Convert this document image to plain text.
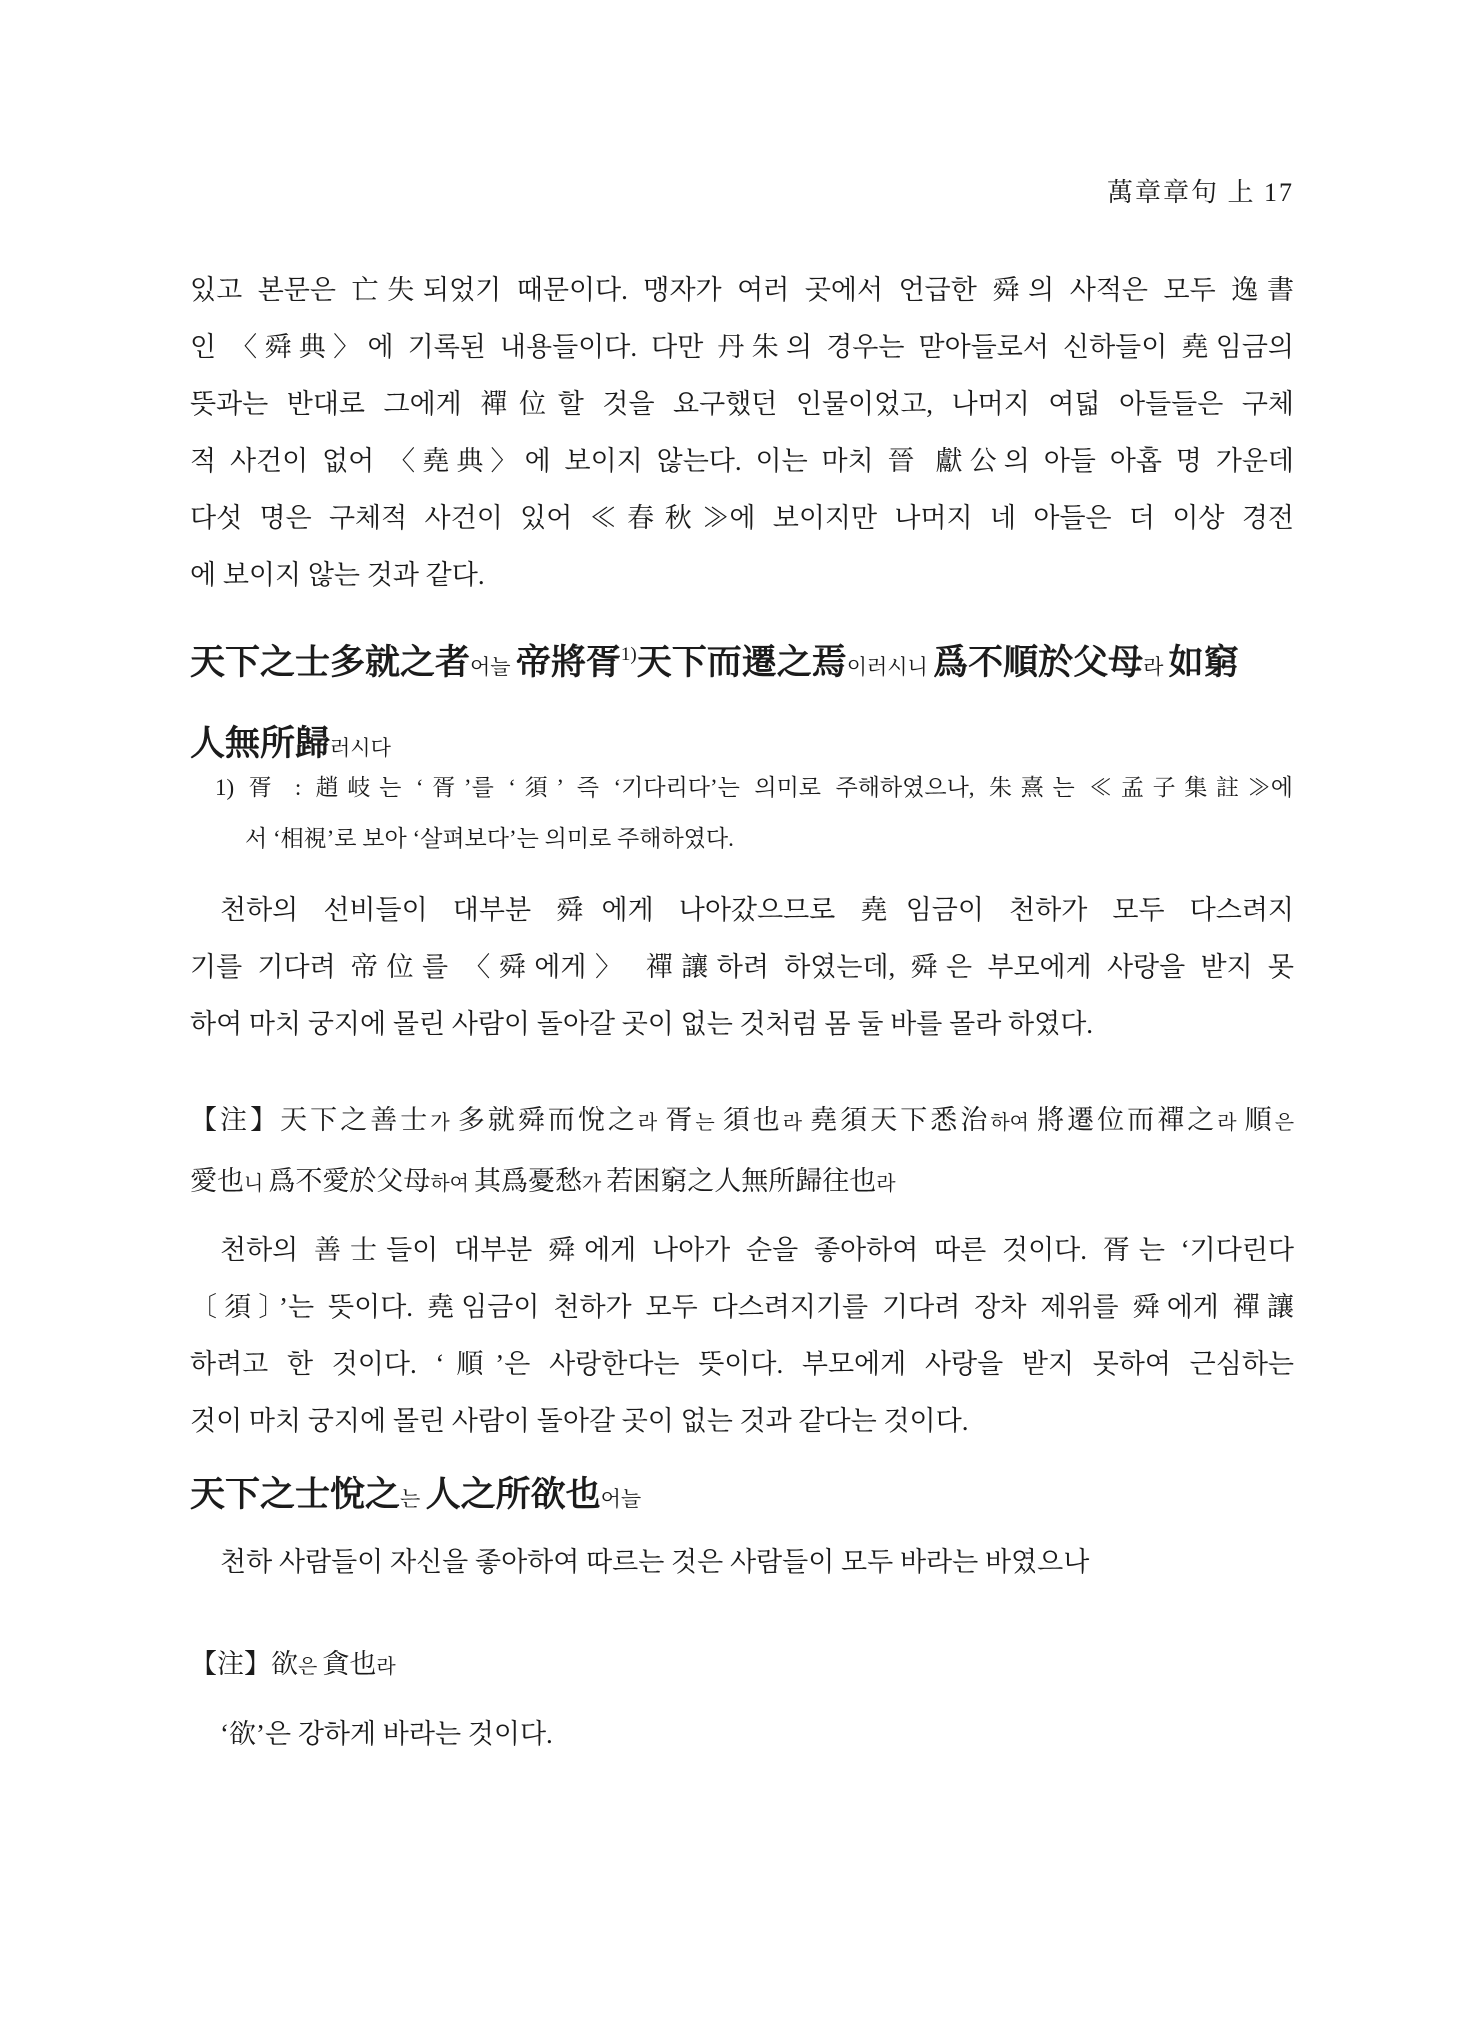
萬章章句 上 17
있고 본문은 亡失되었기 때문이다. 맹자가 여러 곳에서 언급한 舜의 사적은 모두 逸書
인 〈舜典〉에 기록된 내용들이다. 다만 丹朱의 경우는 맏아들로서 신하들이 堯임금의
뜻과는 반대로 그에게 禪位할 것을 요구했던 인물이었고, 나머지 여덟 아들들은 구체
적 사건이 없어 〈堯典〉에 보이지 않는다. 이는 마치 晉 獻公의 아들 아홉 명 가운데
다섯 명은 구체적 사건이 있어 ≪春秋≫에 보이지만 나머지 네 아들은 더 이상 경전
에 보이지 않는 것과 같다.
天下之士多就之者어늘 帝將胥1)天下而遷之焉이러시니 爲不順於父母라 如窮
人無所歸러시다
1) 胥 : 趙岐는 ‘胥’를 ‘須’ 즉 ‘기다리다’는 의미로 주해하였으나, 朱熹는 ≪孟子集註≫에
서 ‘相視’로 보아 ‘살펴보다’는 의미로 주해하였다.
천하의 선비들이 대부분 舜에게 나아갔으므로 堯임금이 천하가 모두 다스려지
기를 기다려 帝位를 〈舜에게〉 禪讓하려 하였는데, 舜은 부모에게 사랑을 받지 못
하여 마치 궁지에 몰린 사람이 돌아갈 곳이 없는 것처럼 몸 둘 바를 몰라 하였다.
【注】天下之善士가 多就舜而悅之라 胥는 須也라 堯須天下悉治하여 將遷位而禪之라 順은
愛也니 爲不愛於父母하여 其爲憂愁가 若困窮之人無所歸往也라
천하의 善士들이 대부분 舜에게 나아가 순을 좋아하여 따른 것이다. 胥는 ‘기다린다
〔須〕’는 뜻이다. 堯임금이 천하가 모두 다스려지기를 기다려 장차 제위를 舜에게 禪讓
하려고 한 것이다. ‘順’은 사랑한다는 뜻이다. 부모에게 사랑을 받지 못하여 근심하는
것이 마치 궁지에 몰린 사람이 돌아갈 곳이 없는 것과 같다는 것이다.
天下之士悅之는 人之所欲也어늘
천하 사람들이 자신을 좋아하여 따르는 것은 사람들이 모두 바라는 바였으나
【注】欲은 貪也라
‘欲’은 강하게 바라는 것이다.
